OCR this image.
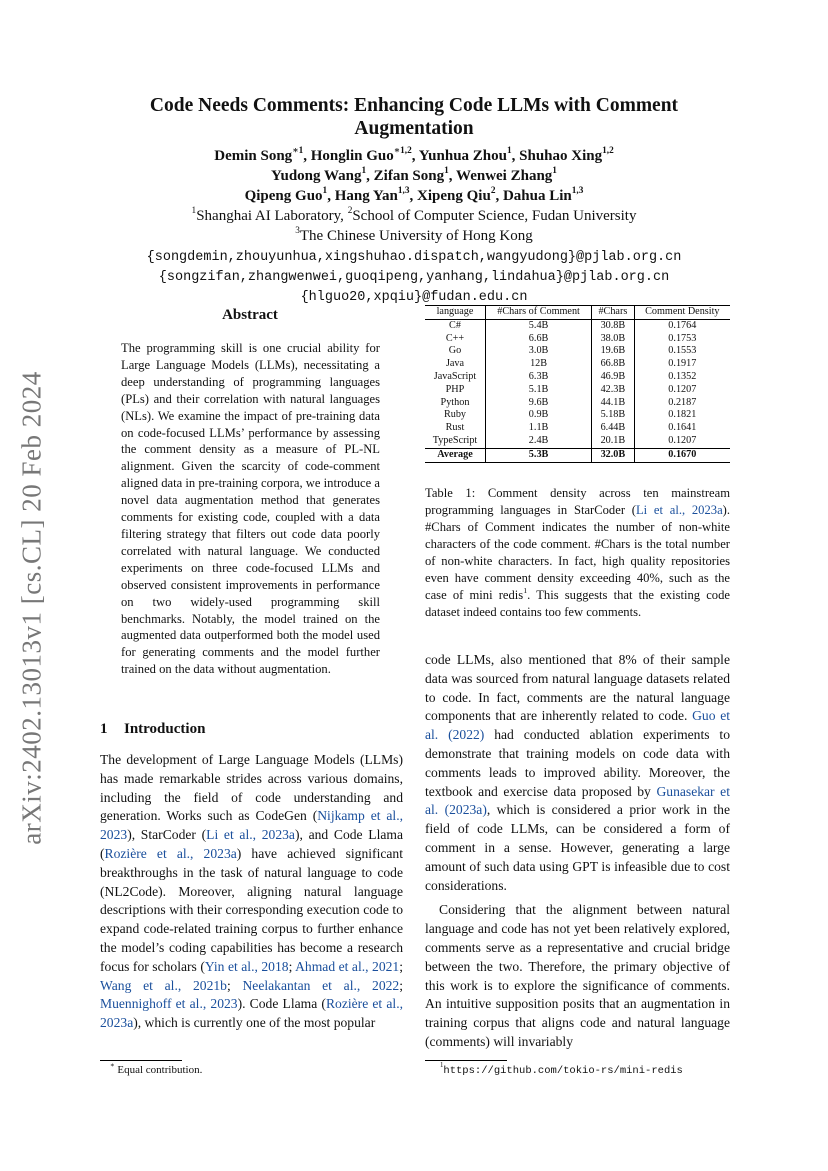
arXiv:2402.13013v1 [cs.CL] 20 Feb 2024
Code Needs Comments: Enhancing Code LLMs with Comment Augmentation
Demin Song$^{∗1}$, Honglin Guo$^{∗1,2}$, Yunhua Zhou$^1$, Shuhao Xing$^{1,2}$
Yudong Wang$^1$, Zifan Song$^1$, Wenwei Zhang$^1$
Qipeng Guo$^1$, Hang Yan$^{1,3}$, Xipeng Qiu$^2$, Dahua Lin$^{1,3}$
$^1$Shanghai AI Laboratory, $^2$School of Computer Science, Fudan University
$^3$The Chinese University of Hong Kong
{songdemin,zhouyunhua,xingshuhao.dispatch,wangyudong}@pjlab.org.cn
{songzifan,zhangwenwei,guoqipeng,yanhang,lindahua}@pjlab.org.cn
{hlguo20,xpqiu}@fudan.edu.cn
Abstract
The programming skill is one crucial ability for Large Language Models (LLMs), necessitating a deep understanding of programming languages (PLs) and their correlation with natural languages (NLs). We examine the impact of pre-training data on code-focused LLMs’ performance by assessing the comment density as a measure of PL-NL alignment. Given the scarcity of code-comment aligned data in pre-training corpora, we introduce a novel data augmentation method that generates comments for existing code, coupled with a data filtering strategy that filters out code data poorly correlated with natural language. We conducted experiments on three code-focused LLMs and observed consistent improvements in performance on two widely-used programming skill benchmarks. Notably, the model trained on the augmented data outperformed both the model used for generating comments and the model further trained on the data without augmentation.
language	#Chars of Comment	#Chars	Comment Density
C#	5.4B	30.8B	0.1764
C++	6.6B	38.0B	0.1753
Go	3.0B	19.6B	0.1553
Java	12B	66.8B	0.1917
JavaScript	6.3B	46.9B	0.1352
PHP	5.1B	42.3B	0.1207
Python	9.6B	44.1B	0.2187
Ruby	0.9B	5.18B	0.1821
Rust	1.1B	6.44B	0.1641
TypeScript	2.4B	20.1B	0.1207
Average	5.3B	32.0B	0.1670
Table 1: Comment density across ten mainstream programming languages in StarCoder (Li et al., 2023a). #Chars of Comment indicates the number of non-white characters of the code comment. #Chars is the total number of non-white characters. In fact, high quality repositories even have comment density exceeding 40%, such as the case of mini redis$^1$. This suggests that the existing code dataset indeed contains too few comments.
1 Introduction
The development of Large Language Models (LLMs) has made remarkable strides across various domains, including the field of code understanding and generation. Works such as CodeGen (Nijkamp et al., 2023), StarCoder (Li et al., 2023a), and Code Llama (Rozière et al., 2023a) have achieved significant breakthroughs in the task of natural language to code (NL2Code). Moreover, aligning natural language descriptions with their corresponding execution code to expand code-related training corpus to further enhance the model’s coding capabilities has become a research focus for scholars (Yin et al., 2018; Ahmad et al., 2021; Wang et al., 2021b; Neelakantan et al., 2022; Muennighoff et al., 2023). Code Llama (Rozière et al., 2023a), which is currently one of the most popular

code LLMs, also mentioned that 8% of their sample data was sourced from natural language datasets related to code. In fact, comments are the natural language components that are inherently related to code. Guo et al. (2022) had conducted ablation experiments to demonstrate that training models on code data with comments leads to improved ability. Moreover, the textbook and exercise data proposed by Gunasekar et al. (2023a), which is considered a prior work in the field of code LLMs, can be considered a form of comment in a sense. However, generating a large amount of such data using GPT is infeasible due to cost considerations.

Considering that the alignment between natural language and code has not yet been relatively explored, comments serve as a representative and crucial bridge between the two. Therefore, the primary objective of this work is to explore the significance of comments. An intuitive supposition posits that an augmentation in training corpus that aligns code and natural language (comments) will invariably

∗ Equal contribution.	$^1$https://github.com/tokio-rs/mini-redis
